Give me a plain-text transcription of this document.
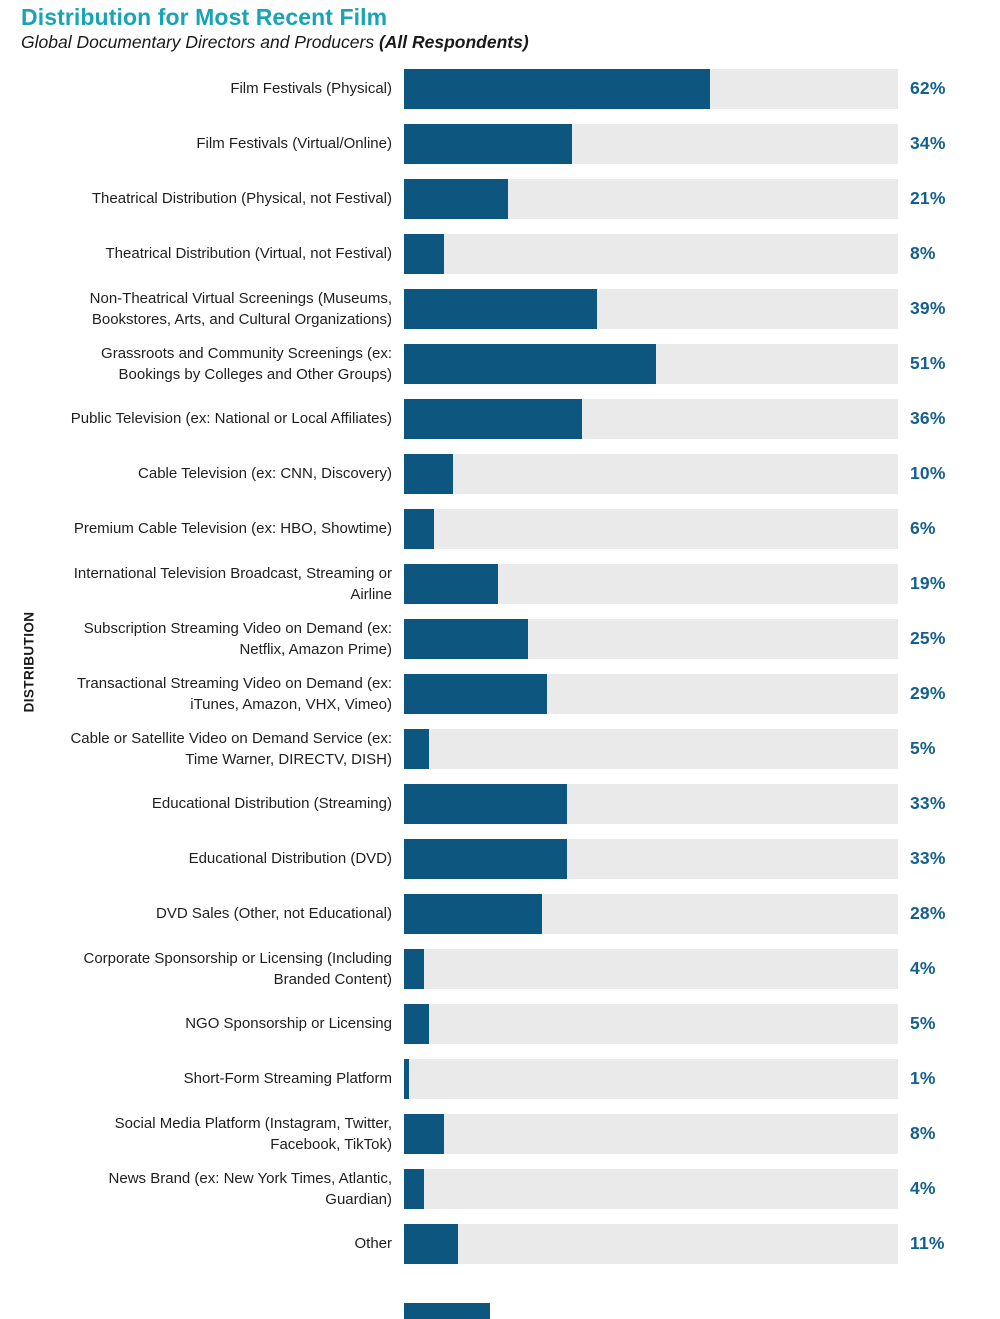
Distribution for Most Recent Film

Global Documentary Directors and Producers (All Respondents)

DISTRIBUTION
Film Festivals (Physical)	62%
Film Festivals (Virtual/Online)	34%
Theatrical Distribution (Physical, not Festival)	21%
Theatrical Distribution (Virtual, not Festival)	8%
Non-Theatrical Virtual Screenings (Museums, Bookstores, Arts, and Cultural Organizations)
39%
Grassroots and Community Screenings (ex: Bookings by Colleges and Other Groups)
51%
Public Television (ex: National or Local Affiliates)	36%
Cable Television (ex: CNN, Discovery)	10%
Premium Cable Television (ex: HBO, Showtime)	6%
International Television Broadcast, Streaming or Airline
19%
Subscription Streaming Video on Demand (ex: Netflix, Amazon Prime)
25%
Transactional Streaming Video on Demand (ex: iTunes, Amazon, VHX, Vimeo)
29%
Cable or Satellite Video on Demand Service (ex: Time Warner, DIRECTV, DISH)
5%
Educational Distribution (Streaming)	33%
Educational Distribution (DVD)	33%
DVD Sales (Other, not Educational)	28%
Corporate Sponsorship or Licensing (Including Branded Content)
4%
NGO Sponsorship or Licensing	5%
Short-Form Streaming Platform	1%
Social Media Platform (Instagram, Twitter, Facebook, TikTok)
8%
News Brand (ex: New York Times, Atlantic, Guardian)
4%
Other	11%
